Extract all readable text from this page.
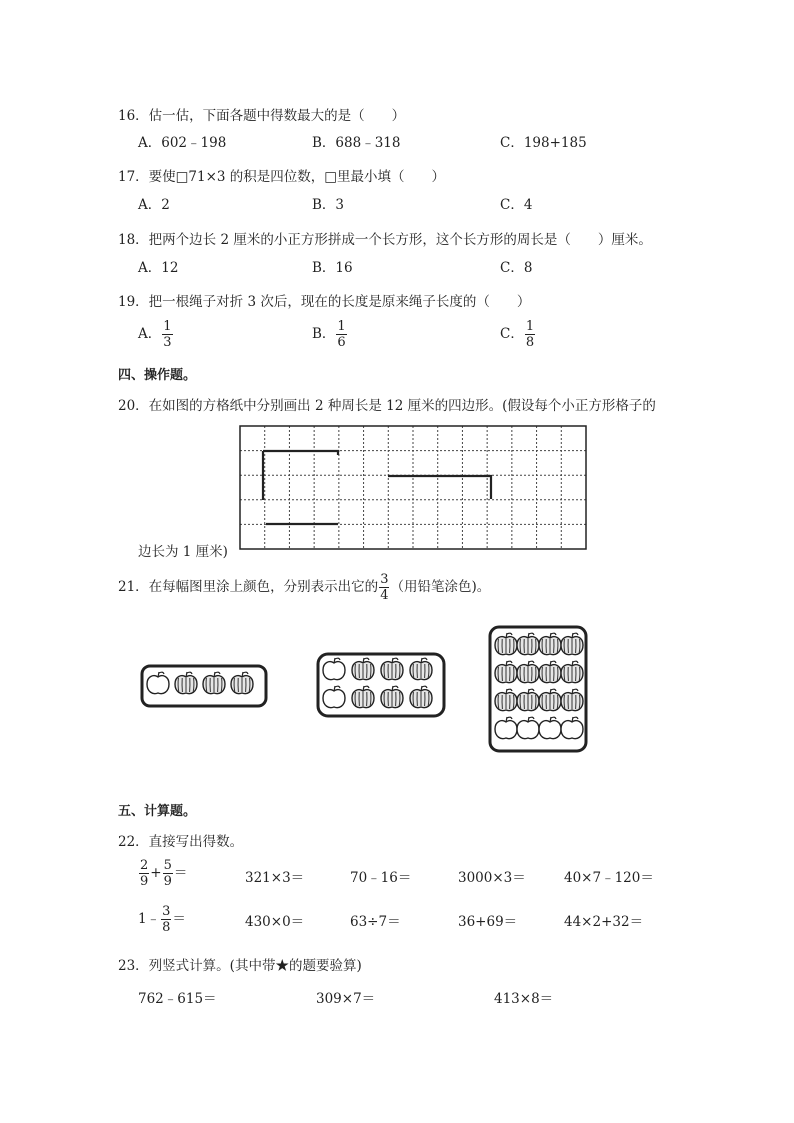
16．估一估，下面各题中得数最大的是（　　）
A．602﹣198	B．688﹣318	C．198+185
17．要使□71×3 的积是四位数，□里最小填（　　）
A．2	B．3	C．4
18．把两个边长 2 厘米的小正方形拼成一个长方形，这个长方形的周长是（　　）厘米。
A．12	B．16	C．8
19．把一根绳子对折 3 次后，现在的长度是原来绳子长度的（　　）
A． $\frac{1}{3}$	B． $\frac{1}{6}$	C． $\frac{1}{8}$
四、操作题。
20．在如图的方格纸中分别画出 2 种周长是 12 厘米的四边形。(假设每个小正方形格子的
边长为 1 厘米)
21．在每幅图里涂上颜色，分别表示出它的 $\frac{3}{4}$ （用铅笔涂色)。
五、计算题。
22．直接写出得数。
$\frac{2}{9} + \frac{5}{9}$ ＝	321×3＝	70﹣16＝	3000×3＝	40×7﹣120＝
1﹣ $\frac{3}{8}$ ＝	430×0＝	63÷7＝	36+69＝	44×2+32＝
23．列竖式计算。(其中带★的题要验算)
762﹣615＝	309×7＝	413×8＝
